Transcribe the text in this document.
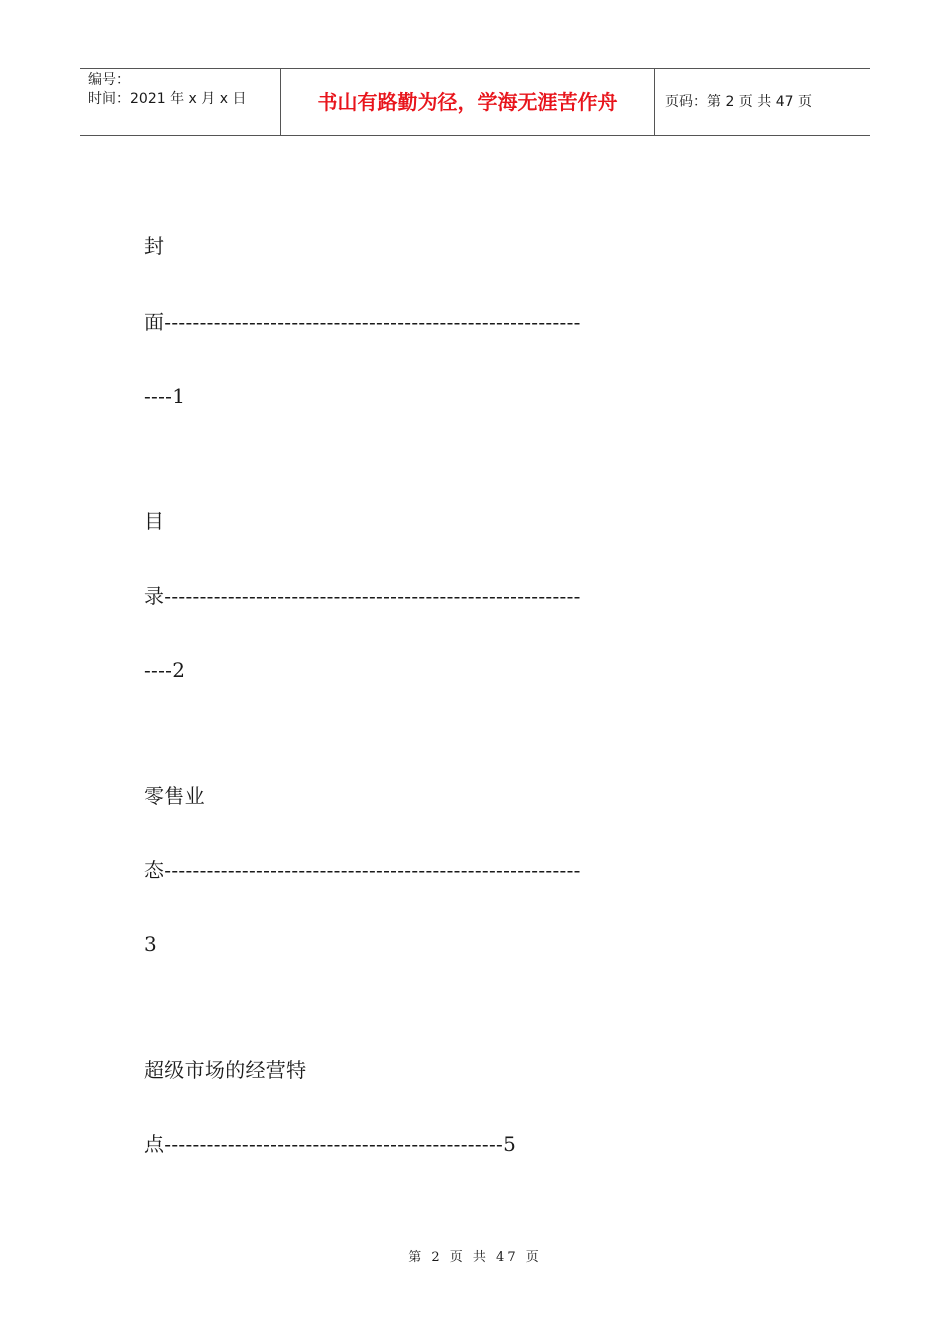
编号：
时间：2021 年 x 月 x 日	书山有路勤为径，学海无涯苦作舟	页码：第 2 页 共 47 页
封
面-----------------------------------------------------------
----1
目
录-----------------------------------------------------------
----2
零售业
态-----------------------------------------------------------
3
超级市场的经营特
点------------------------------------------------5
第 2 页 共 47 页
